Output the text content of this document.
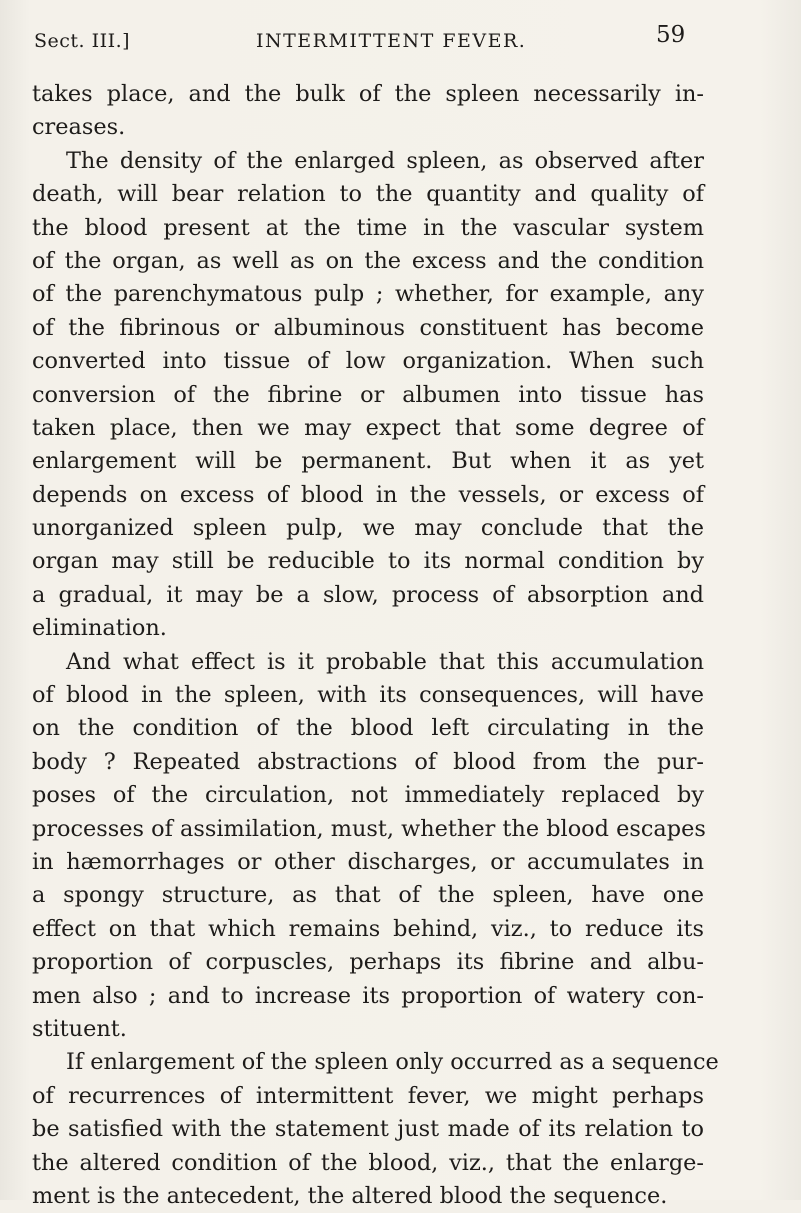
Sect. III.]	INTERMITTENT FEVER.	59
takes place, and the bulk of the spleen necessarily in-
creases.
The density of the enlarged spleen, as observed after
death, will bear relation to the quantity and quality of
the blood present at the time in the vascular system
of the organ, as well as on the excess and the condition
of the parenchymatous pulp ; whether, for example, any
of the fibrinous or albuminous constituent has become
converted into tissue of low organization. When such
conversion of the fibrine or albumen into tissue has
taken place, then we may expect that some degree of
enlargement will be permanent. But when it as yet
depends on excess of blood in the vessels, or excess of
unorganized spleen pulp, we may conclude that the
organ may still be reducible to its normal condition by
a gradual, it may be a slow, process of absorption and
elimination.
And what effect is it probable that this accumulation
of blood in the spleen, with its consequences, will have
on the condition of the blood left circulating in the
body ? Repeated abstractions of blood from the pur-
poses of the circulation, not immediately replaced by
processes of assimilation, must, whether the blood escapes
in hæmorrhages or other discharges, or accumulates in
a spongy structure, as that of the spleen, have one
effect on that which remains behind, viz., to reduce its
proportion of corpuscles, perhaps its fibrine and albu-
men also ; and to increase its proportion of watery con-
stituent.
If enlargement of the spleen only occurred as a sequence
of recurrences of intermittent fever, we might perhaps
be satisfied with the statement just made of its relation to
the altered condition of the blood, viz., that the enlarge-
ment is the antecedent, the altered blood the sequence.
